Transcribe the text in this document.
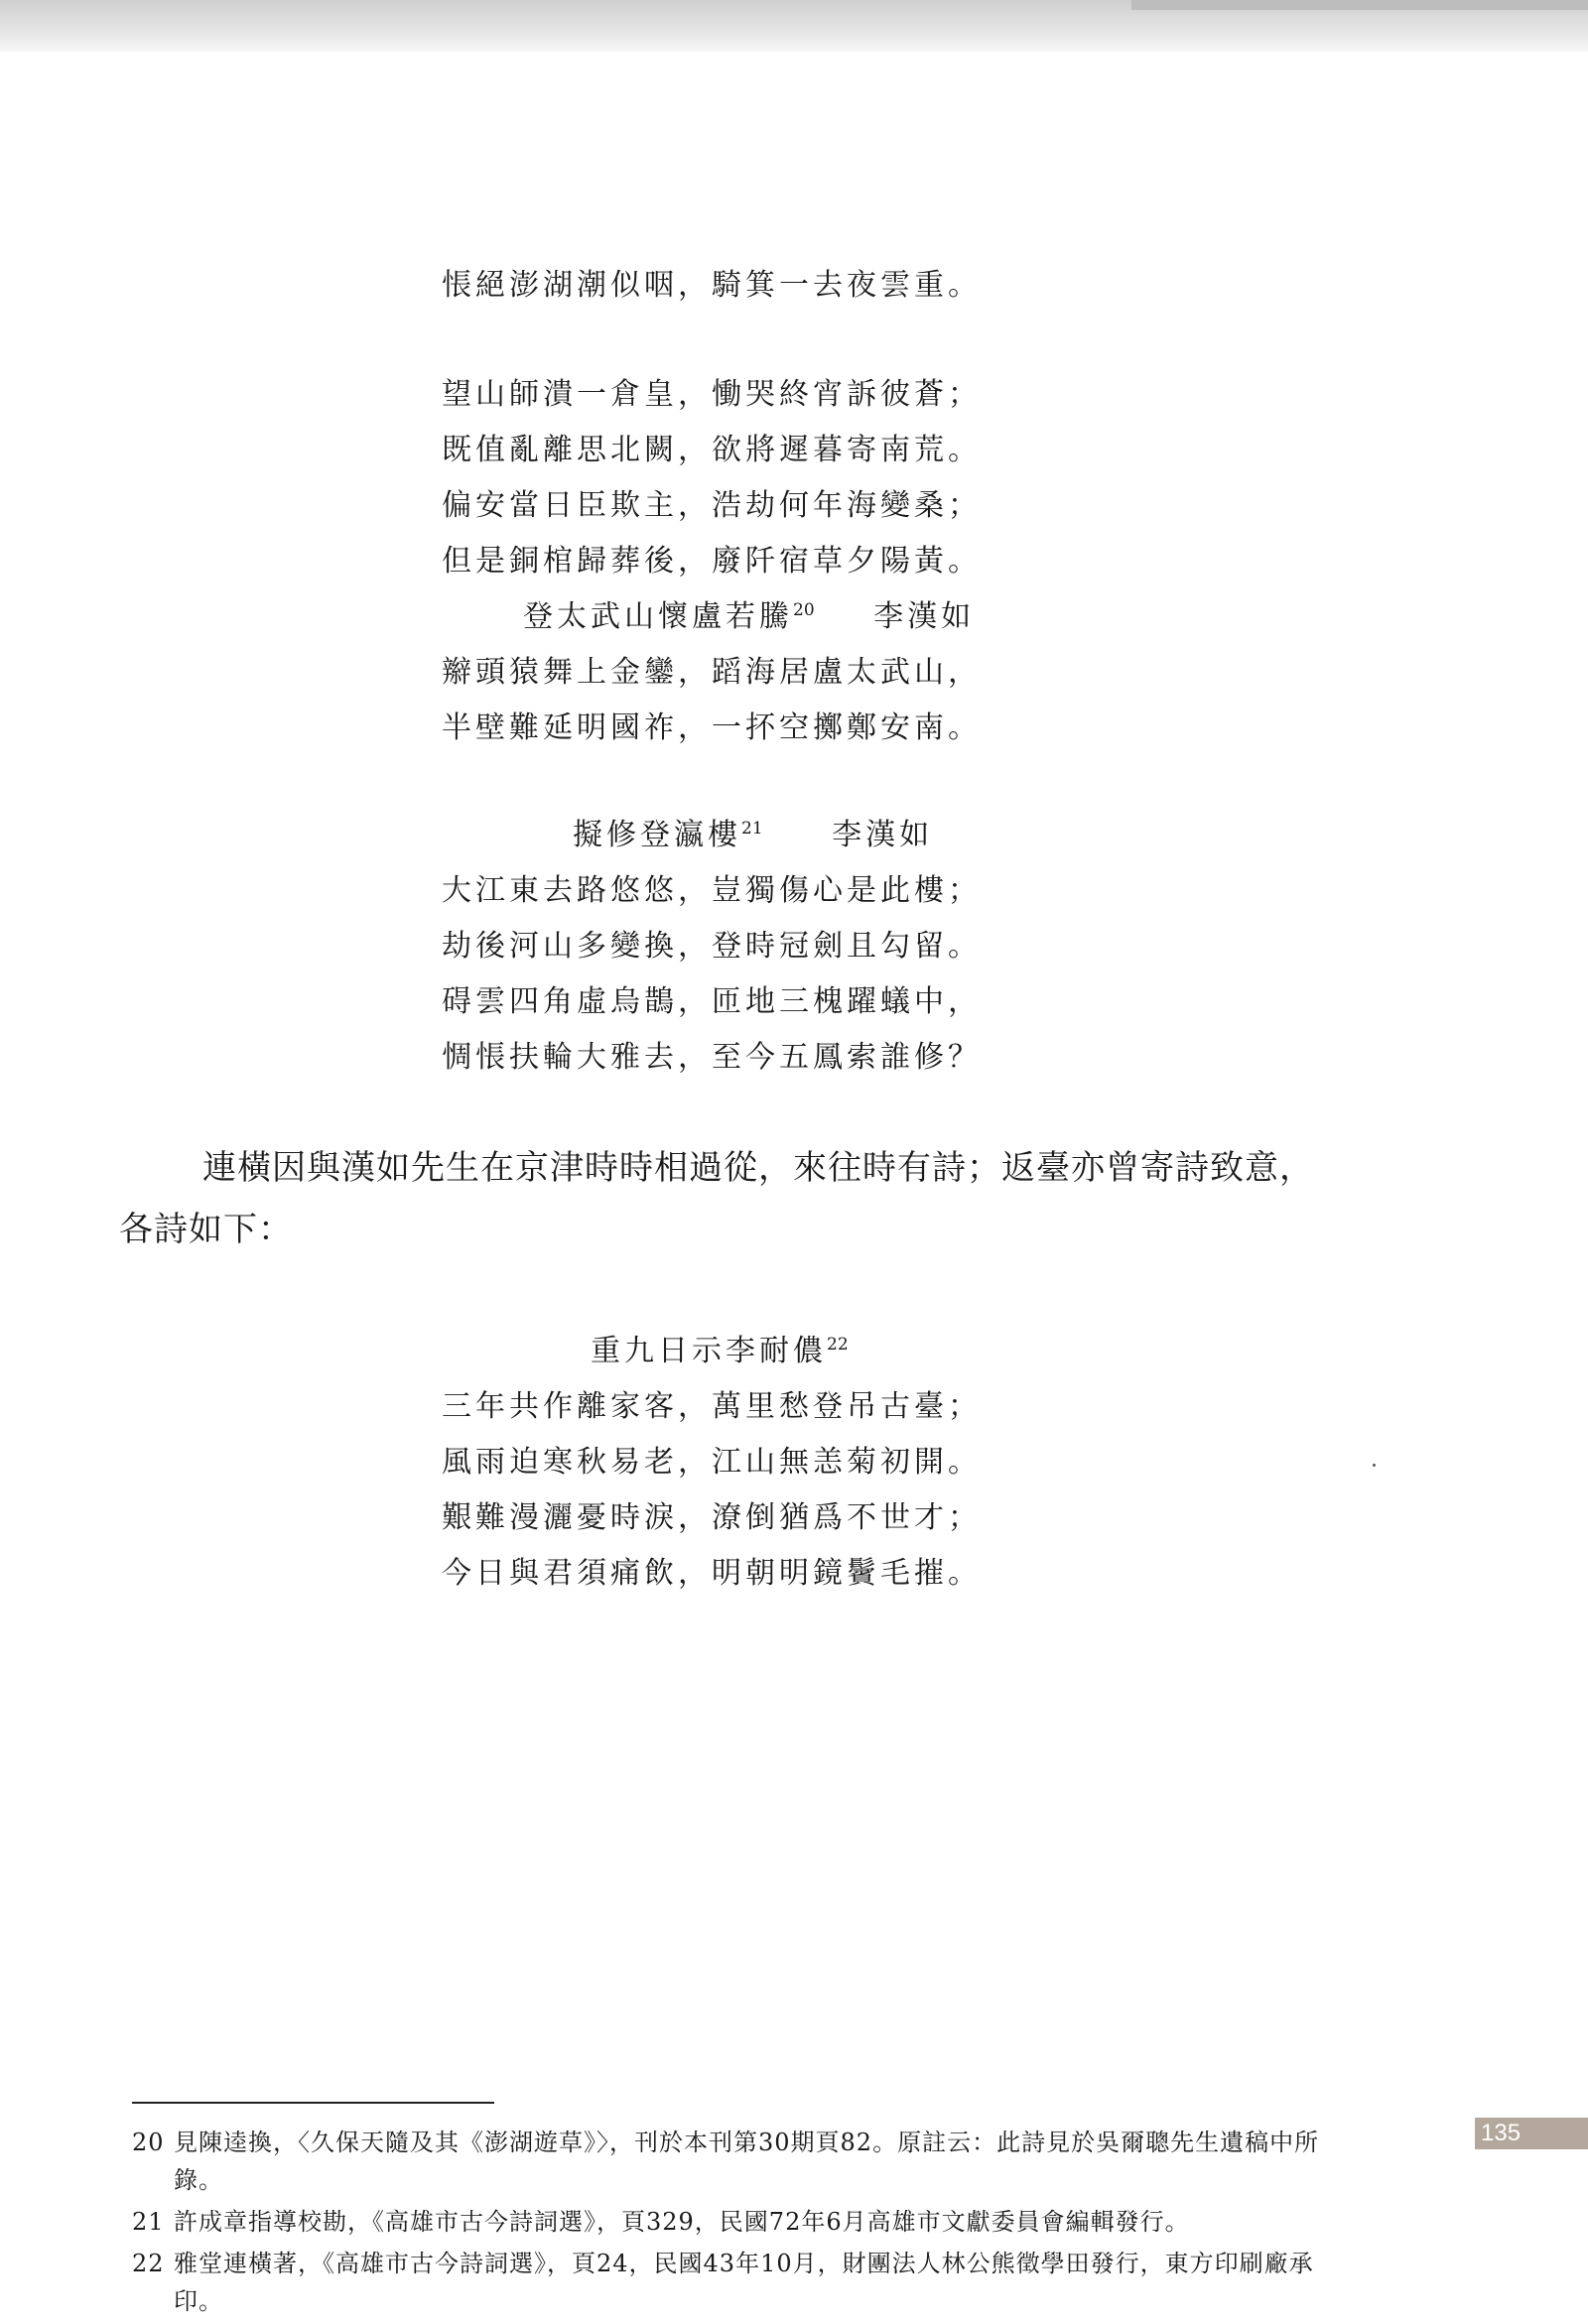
悵絕澎湖潮似咽，騎箕一去夜雲重。
望山師潰一倉皇，慟哭終宵訴彼蒼；
既值亂離思北闕，欲將遲暮寄南荒。
偏安當日臣欺主，浩劫何年海變桑；
但是銅棺歸葬後，廢阡宿草夕陽黃。
登太武山懷盧若騰$^{20}$ 李漢如
辮頭猿舞上金鑾，蹈海居盧太武山，
半壁難延明國祚，一抔空擲鄭安南。
擬修登瀛樓$^{21}$ 李漢如
大江東去路悠悠，豈獨傷心是此樓；
劫後河山多變換，登時冠劍且勾留。
碍雲四角虛烏鵲，匝地三槐躍蟻中，
惆悵扶輪大雅去，至今五鳳索誰修？

連橫因與漢如先生在京津時時相過從，來往時有詩；返臺亦曾寄詩致意，各詩如下：

重九日示李耐儂$^{22}$
三年共作離家客，萬里愁登吊古臺；
風雨迫寒秋易老，江山無恙菊初開。
艱難漫灑憂時淚，潦倒猶爲不世才；
今日與君須痛飲，明朝明鏡鬢毛摧。
20 見陳逵換，〈久保天隨及其《澎湖遊草》〉，刊於本刊第30期頁82。原註云：此詩見於吳爾聰先生遺稿中所錄。
21 許成章指導校勘，《高雄市古今詩詞選》，頁329，民國72年6月高雄市文獻委員會編輯發行。
22 雅堂連橫著，《高雄市古今詩詞選》，頁24，民國43年10月，財團法人林公熊徵學田發行，東方印刷廠承印。
135
